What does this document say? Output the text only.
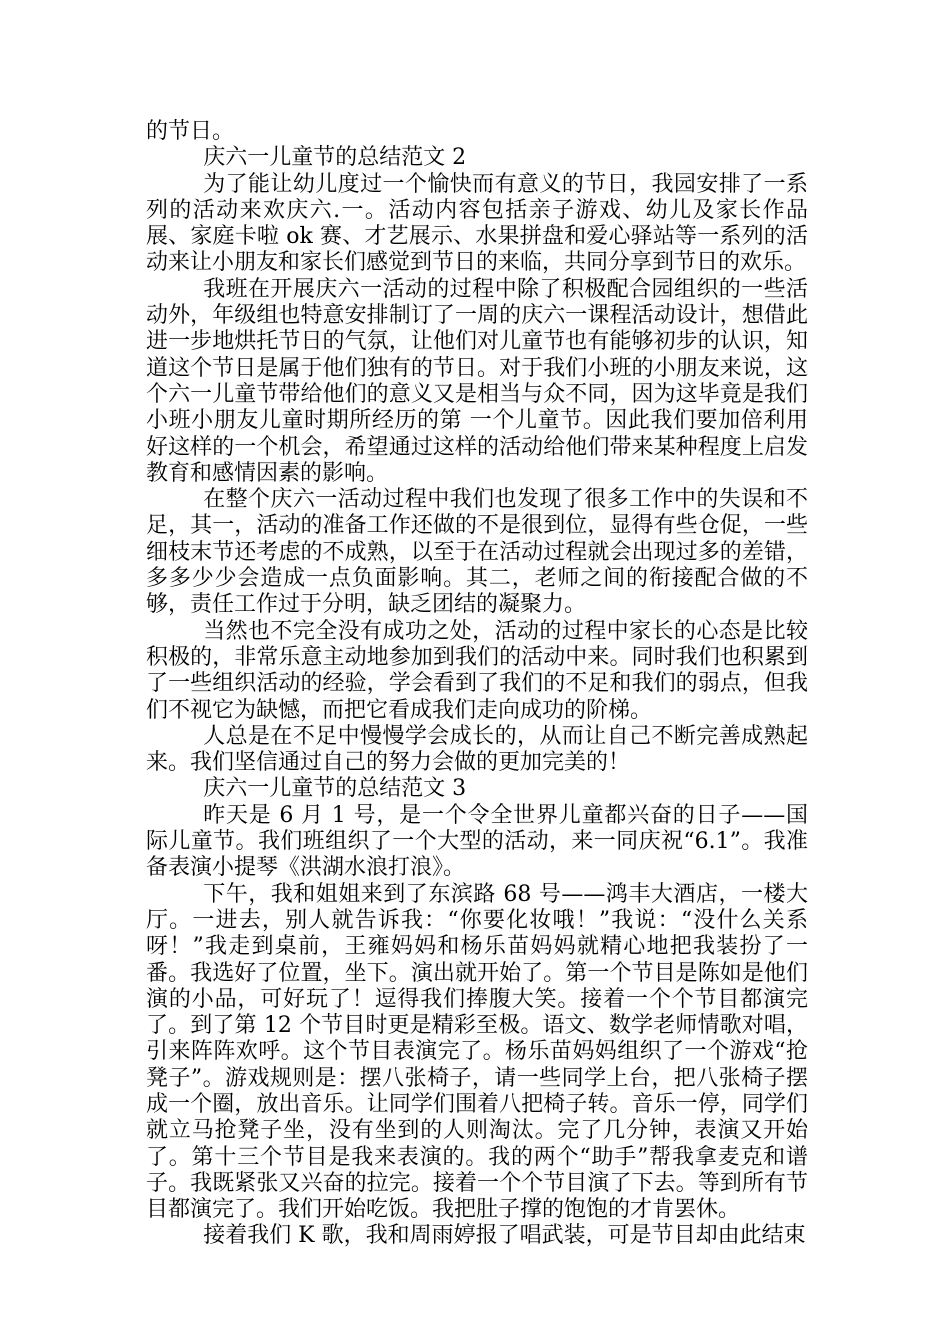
的节日。

庆六一儿童节的总结范文 2

为了能让幼儿度过一个愉快而有意义的节日，我园安排了一系列的活动来欢庆六.一。活动内容包括亲子游戏、幼儿及家长作品展、家庭卡啦 ok 赛、才艺展示、水果拼盘和爱心驿站等一系列的活动来让小朋友和家长们感觉到节日的来临，共同分享到节日的欢乐。

我班在开展庆六一活动的过程中除了积极配合园组织的一些活动外，年级组也特意安排制订了一周的庆六一课程活动设计，想借此进一步地烘托节日的气氛，让他们对儿童节也有能够初步的认识，知道这个节日是属于他们独有的节日。对于我们小班的小朋友来说，这个六一儿童节带给他们的意义又是相当与众不同，因为这毕竟是我们小班小朋友儿童时期所经历的第 一个儿童节。因此我们要加倍利用好这样的一个机会，希望通过这样的活动给他们带来某种程度上启发教育和感情因素的影响。

在整个庆六一活动过程中我们也发现了很多工作中的失误和不足，其一，活动的准备工作还做的不是很到位，显得有些仓促，一些细枝末节还考虑的不成熟，以至于在活动过程就会出现过多的差错，多多少少会造成一点负面影响。其二，老师之间的衔接配合做的不够，责任工作过于分明，缺乏团结的凝聚力。

当然也不完全没有成功之处，活动的过程中家长的心态是比较积极的，非常乐意主动地参加到我们的活动中来。同时我们也积累到了一些组织活动的经验，学会看到了我们的不足和我们的弱点，但我们不视它为缺憾，而把它看成我们走向成功的阶梯。

人总是在不足中慢慢学会成长的，从而让自己不断完善成熟起来。我们坚信通过自己的努力会做的更加完美的！

庆六一儿童节的总结范文 3

昨天是 6 月 1 号，是一个令全世界儿童都兴奋的日子——国际儿童节。我们班组织了一个大型的活动，来一同庆祝“6.1”。我准备表演小提琴《洪湖水浪打浪》。

下午，我和姐姐来到了东滨路 68 号——鸿丰大酒店，一楼大厅。一进去，别人就告诉我：“你要化妆哦！”我说：“没什么关系呀！”我走到桌前，王雍妈妈和杨乐苗妈妈就精心地把我装扮了一番。我选好了位置，坐下。演出就开始了。第一个节目是陈如是他们演的小品，可好玩了！逗得我们捧腹大笑。接着一个个节目都演完了。到了第 12 个节目时更是精彩至极。语文、数学老师情歌对唱，引来阵阵欢呼。这个节目表演完了。杨乐苗妈妈组织了一个游戏“抢凳子”。游戏规则是：摆八张椅子，请一些同学上台，把八张椅子摆成一个圈，放出音乐。让同学们围着八把椅子转。音乐一停，同学们就立马抢凳子坐，没有坐到的人则淘汰。完了几分钟，表演又开始了。第十三个节目是我来表演的。我的两个“助手”帮我拿麦克和谱子。我既紧张又兴奋的拉完。接着一个个节目演了下去。等到所有节目都演完了。我们开始吃饭。我把肚子撑的饱饱的才肯罢休。

接着我们 K 歌，我和周雨婷报了唱武装，可是节目却由此结束
